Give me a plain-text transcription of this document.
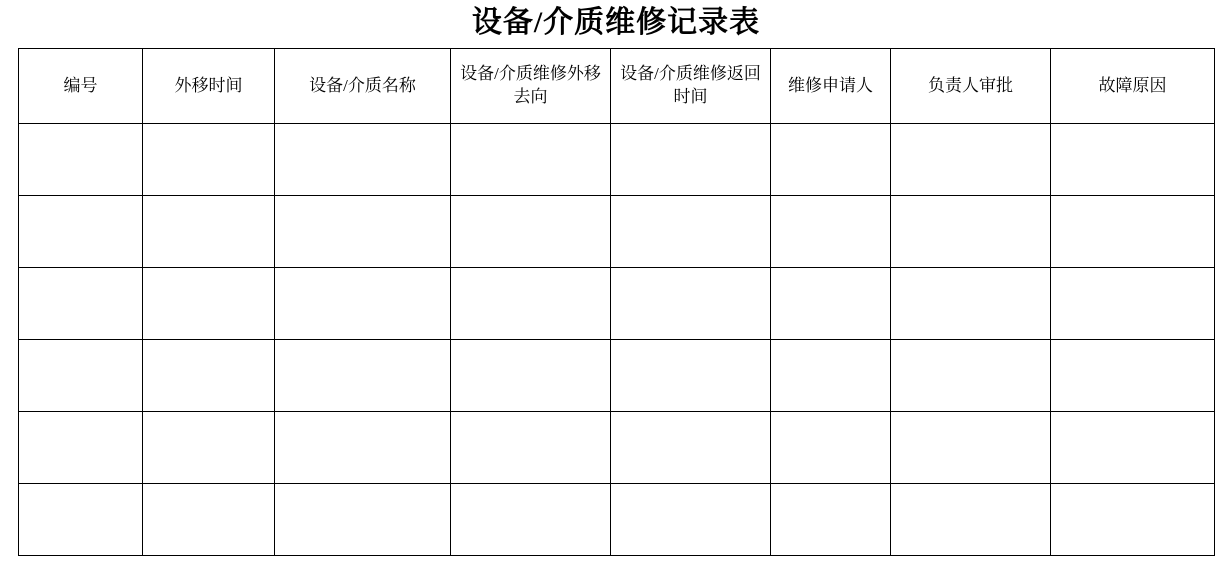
设备/介质维修记录表
编号	外移时间	设备/介质名称	设备/介质维修外移去向	设备/介质维修返回时间	维修申请人	负责人审批	故障原因
